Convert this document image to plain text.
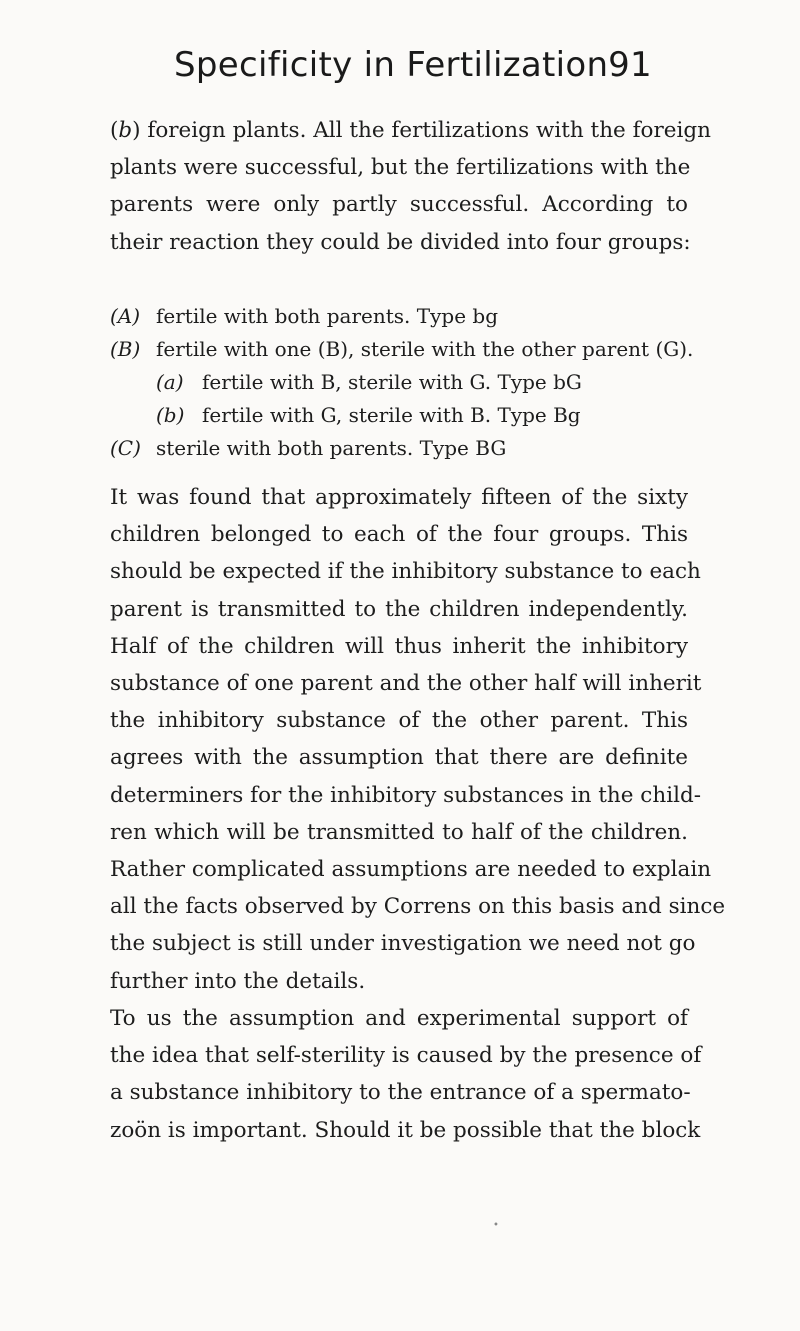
Specificity in Fertilization 91
(b) foreign plants. All the fertilizations with the foreign
plants were successful, but the fertilizations with the
parents were only partly successful. According to
their reaction they could be divided into four groups:
(A) fertile with both parents. Type bg
(B) fertile with one (B), sterile with the other parent (G).
(a) fertile with B, sterile with G. Type bG
(b) fertile with G, sterile with B. Type Bg
(C) sterile with both parents. Type BG
It was found that approximately fifteen of the sixty
children belonged to each of the four groups. This
should be expected if the inhibitory substance to each
parent is transmitted to the children independently.
Half of the children will thus inherit the inhibitory
substance of one parent and the other half will inherit
the inhibitory substance of the other parent. This
agrees with the assumption that there are definite
determiners for the inhibitory substances in the child-
ren which will be transmitted to half of the children.
Rather complicated assumptions are needed to explain
all the facts observed by Correns on this basis and since
the subject is still under investigation we need not go
further into the details.
To us the assumption and experimental support of
the idea that self-sterility is caused by the presence of
a substance inhibitory to the entrance of a spermato-
zoön is important. Should it be possible that the block
•
